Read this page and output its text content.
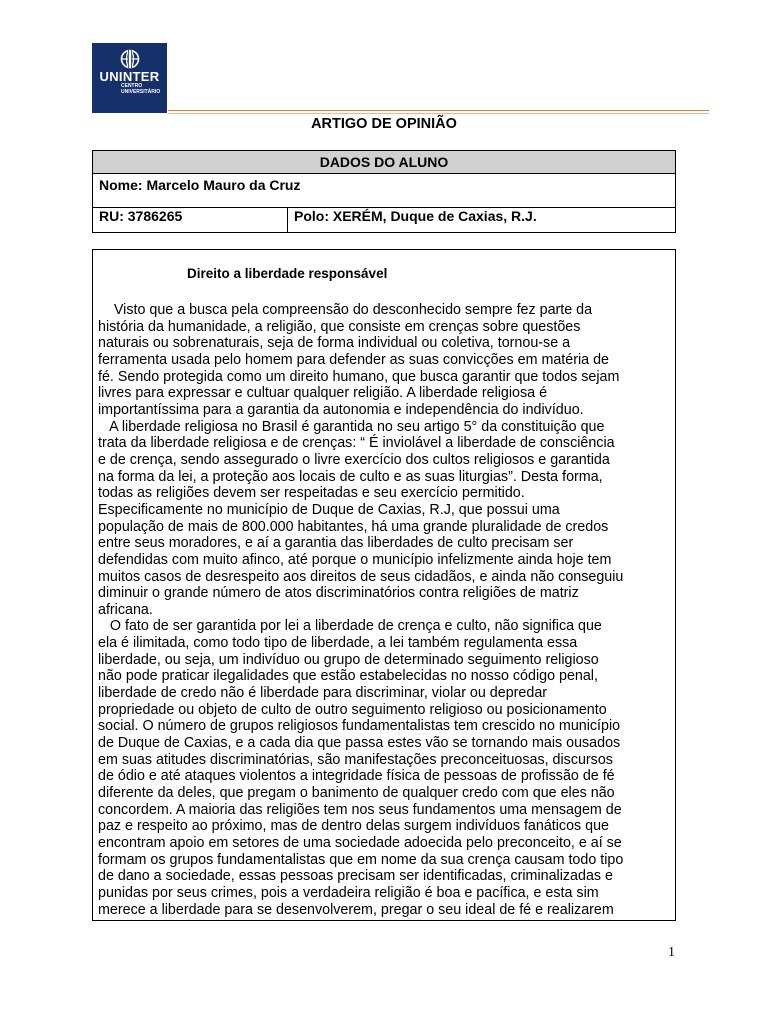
UNINTER
CENTRO
UNIVERSITÁRIO
ARTIGO DE OPINIÃO
DADOS DO ALUNO
Nome: Marcelo Mauro da Cruz
RU: 3786265	Polo: XERÉM, Duque de Caxias, R.J.
Direito a liberdade responsável
Visto que a busca pela compreensão do desconhecido sempre fez parte da
história da humanidade, a religião, que consiste em crenças sobre questões
naturais ou sobrenaturais, seja de forma individual ou coletiva, tornou-se a
ferramenta usada pelo homem para defender as suas convicções em matéria de
fé. Sendo protegida como um direito humano, que busca garantir que todos sejam
livres para expressar e cultuar qualquer religião. A liberdade religiosa é
importantíssima para a garantia da autonomia e independência do indivíduo.
A liberdade religiosa no Brasil é garantida no seu artigo 5° da constituição que
trata da liberdade religiosa e de crenças: “ É inviolável a liberdade de consciência
e de crença, sendo assegurado o livre exercício dos cultos religiosos e garantida
na forma da lei, a proteção aos locais de culto e as suas liturgias”. Desta forma,
todas as religiões devem ser respeitadas e seu exercício permitido.
Especificamente no município de Duque de Caxias, R.J, que possui uma
população de mais de 800.000 habitantes, há uma grande pluralidade de credos
entre seus moradores, e aí a garantia das liberdades de culto precisam ser
defendidas com muito afinco, até porque o município infelizmente ainda hoje tem
muitos casos de desrespeito aos direitos de seus cidadãos, e ainda não conseguiu
diminuir o grande número de atos discriminatórios contra religiões de matriz
africana.
O fato de ser garantida por lei a liberdade de crença e culto, não significa que
ela é ilimitada, como todo tipo de liberdade, a lei também regulamenta essa
liberdade, ou seja, um indivíduo ou grupo de determinado seguimento religioso
não pode praticar ilegalidades que estão estabelecidas no nosso código penal,
liberdade de credo não é liberdade para discriminar, violar ou depredar
propriedade ou objeto de culto de outro seguimento religioso ou posicionamento
social. O número de grupos religiosos fundamentalistas tem crescido no município
de Duque de Caxias, e a cada dia que passa estes vão se tornando mais ousados
em suas atitudes discriminatórias, são manifestações preconceituosas, discursos
de ódio e até ataques violentos a integridade física de pessoas de profissão de fé
diferente da deles, que pregam o banimento de qualquer credo com que eles não
concordem. A maioria das religiões tem nos seus fundamentos uma mensagem de
paz e respeito ao próximo, mas de dentro delas surgem indivíduos fanáticos que
encontram apoio em setores de uma sociedade adoecida pelo preconceito, e aí se
formam os grupos fundamentalistas que em nome da sua crença causam todo tipo
de dano a sociedade, essas pessoas precisam ser identificadas, criminalizadas e
punidas por seus crimes, pois a verdadeira religião é boa e pacífica, e esta sim
merece a liberdade para se desenvolverem, pregar o seu ideal de fé e realizarem
1
